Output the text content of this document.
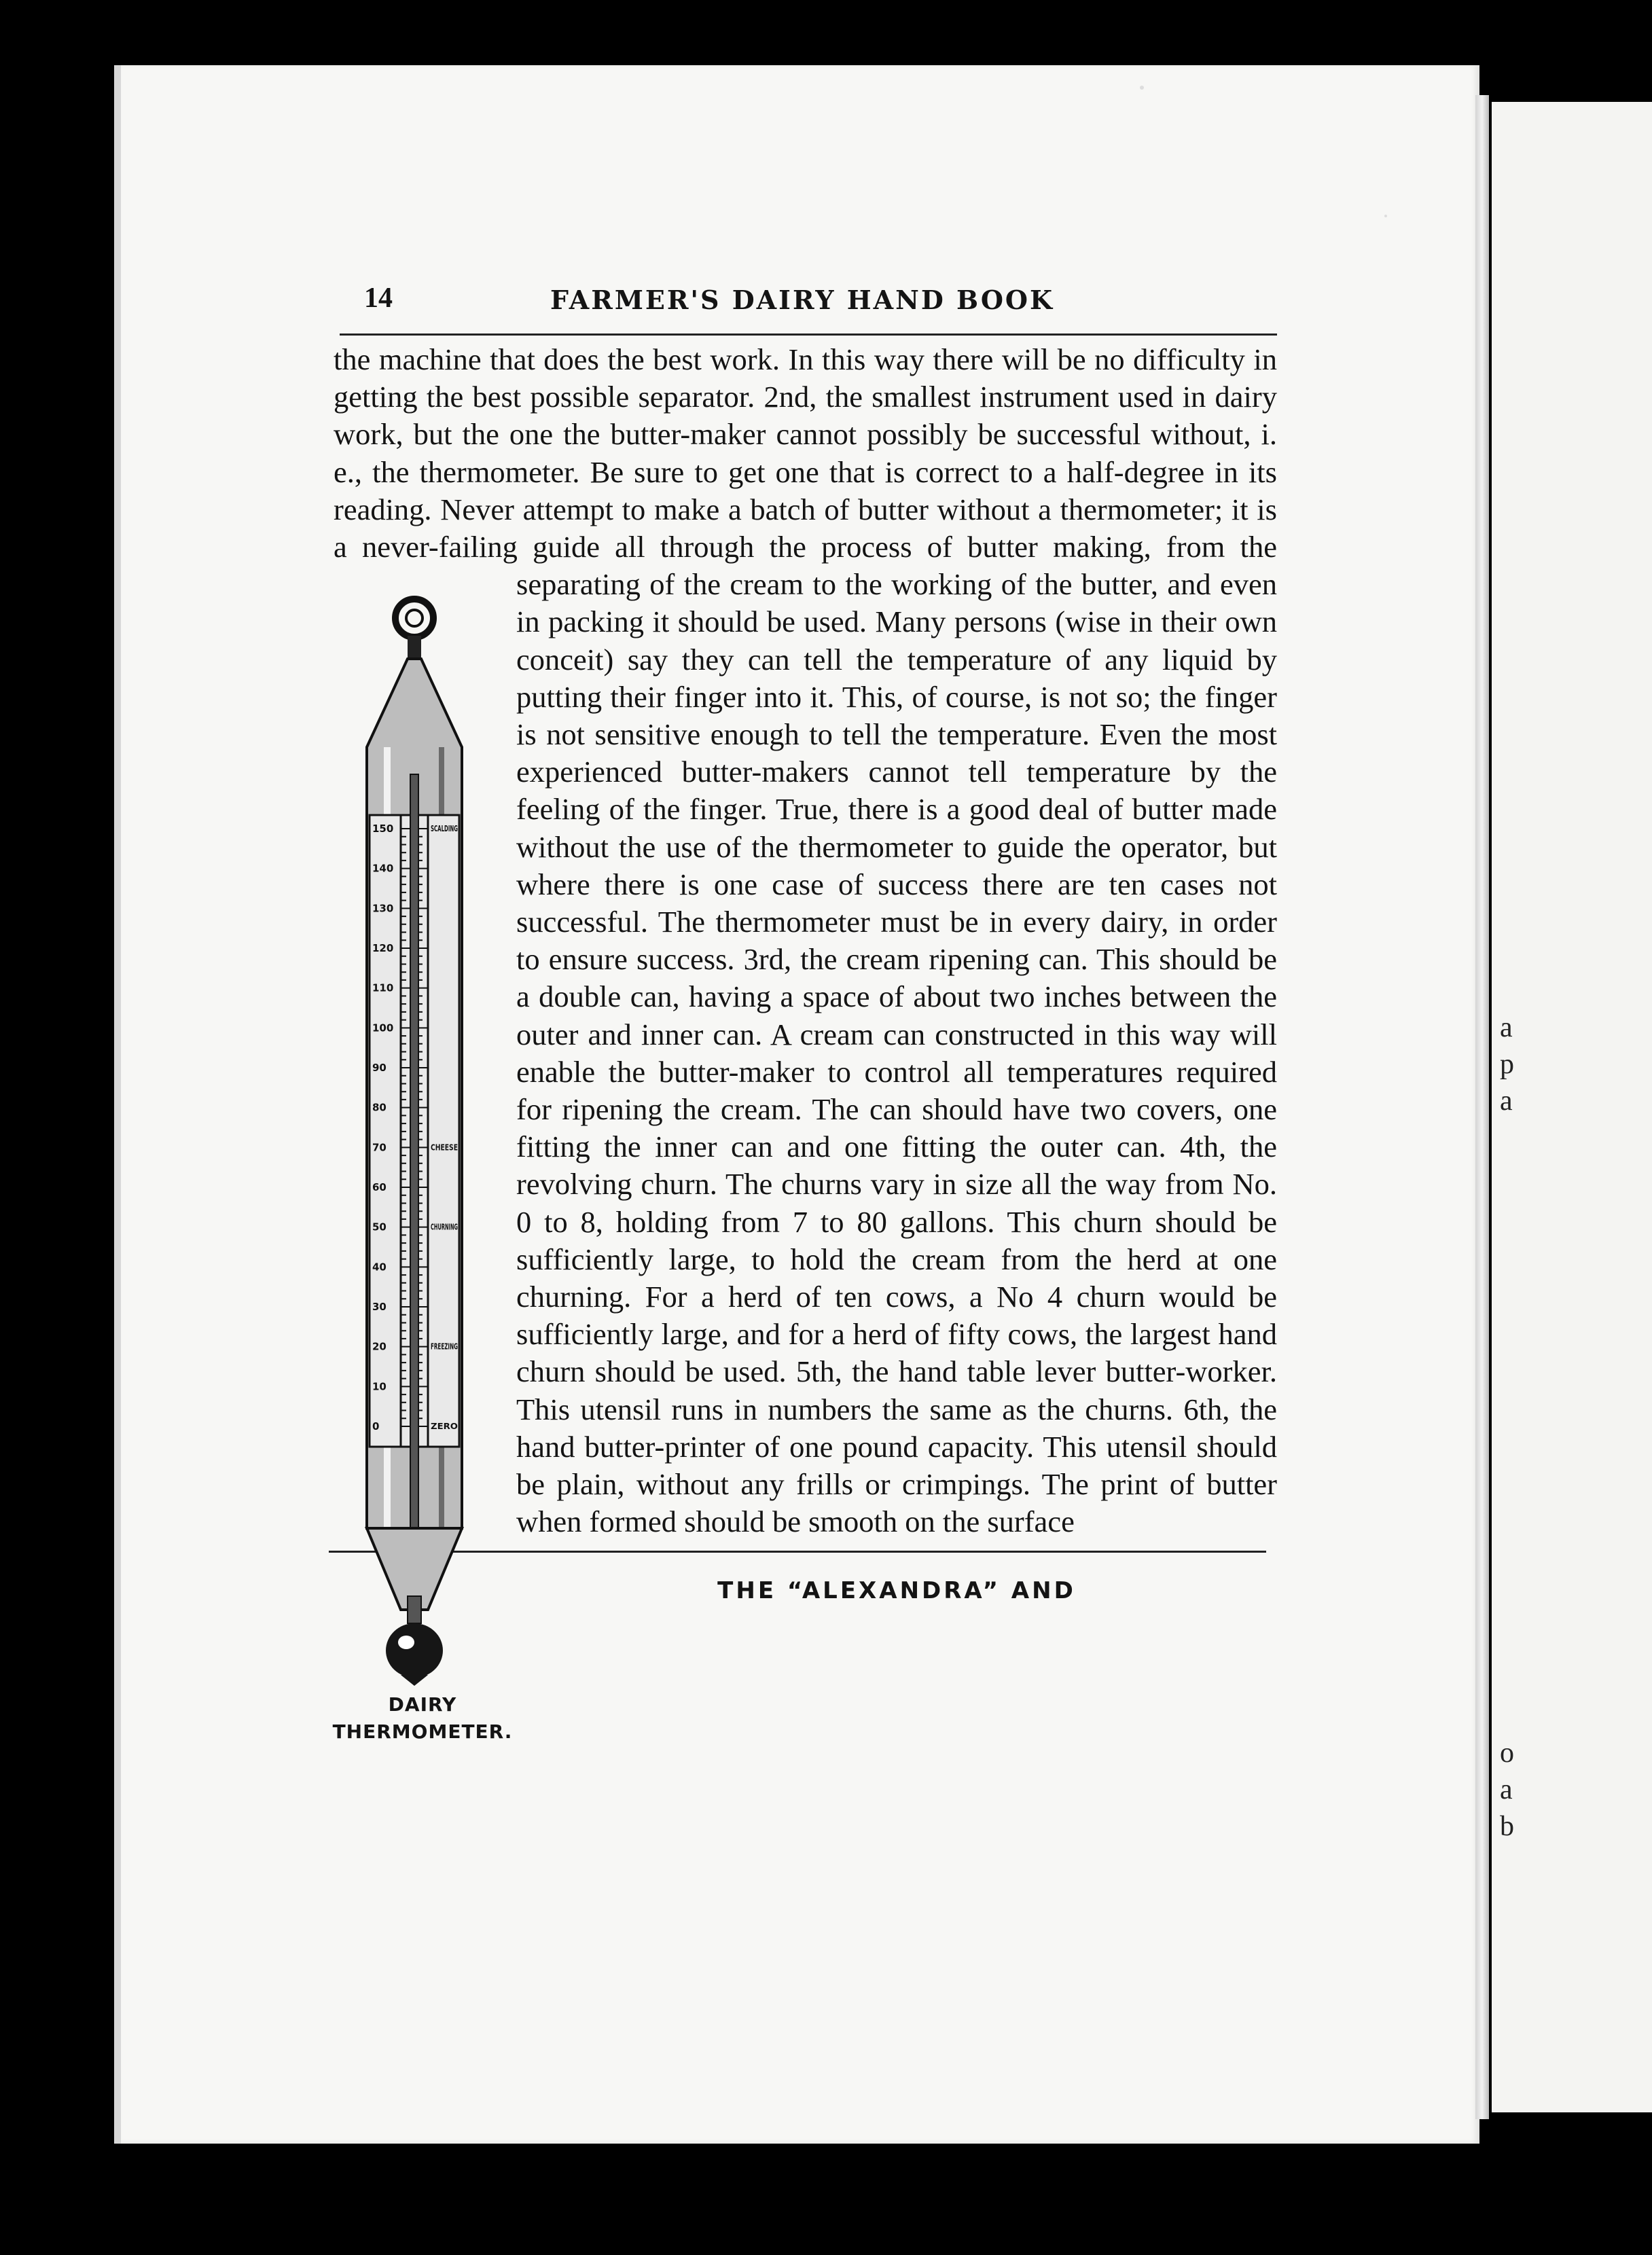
a
p
a
o
a
b
14	FARMER'S DAIRY HAND BOOK
150
140
130
120
110
100
90
80
70
60
50
40
30
20
10
0
SCALDING
CHEESE
CHURNING
FREEZING
ZERO
DAIRY
THERMOMETER.
the machine that does the best work. In this way there will be no difficulty in getting the best possible separator. 2nd, the smallest instrument used in dairy work, but the one the butter-maker cannot possibly be successful without, i. e., the thermometer. Be sure to get one that is correct to a half-degree in its reading. Never attempt to make a batch of butter without a thermometer; it is a never-failing guide all through the process of butter making, from the separating of the cream to the working of the butter, and even in packing it should be used. Many persons (wise in their own conceit) say they can tell the temperature of any liquid by putting their finger into it. This, of course, is not so; the finger is not sensitive enough to tell the temperature. Even the most experienced butter-makers cannot tell temperature by the feeling of the finger. True, there is a good deal of butter made without the use of the thermometer to guide the operator, but where there is one case of success there are ten cases not successful. The thermometer must be in every dairy, in order to ensure success. 3rd, the cream ripening can. This should be a double can, having a space of about two inches between the outer and inner can. A cream can constructed in this way will enable the butter-maker to control all temperatures required for ripening the cream. The can should have two covers, one fitting the inner can and one fitting the outer can. 4th, the revolving churn. The churns vary in size all the way from No. 0 to 8, holding from 7 to 80 gallons. This churn should be sufficiently large, to hold the cream from the herd at one churning. For a herd of ten cows, a No 4 churn would be sufficiently large, and for a herd of fifty cows, the largest hand churn should be used. 5th, the hand table lever butter-worker. This utensil runs in numbers the same as the churns. 6th, the hand butter-printer of one pound capacity. This utensil should be plain, without any frills or crimpings. The print of butter when formed should be smooth on the surface
THE “ALEXANDRA” AND
